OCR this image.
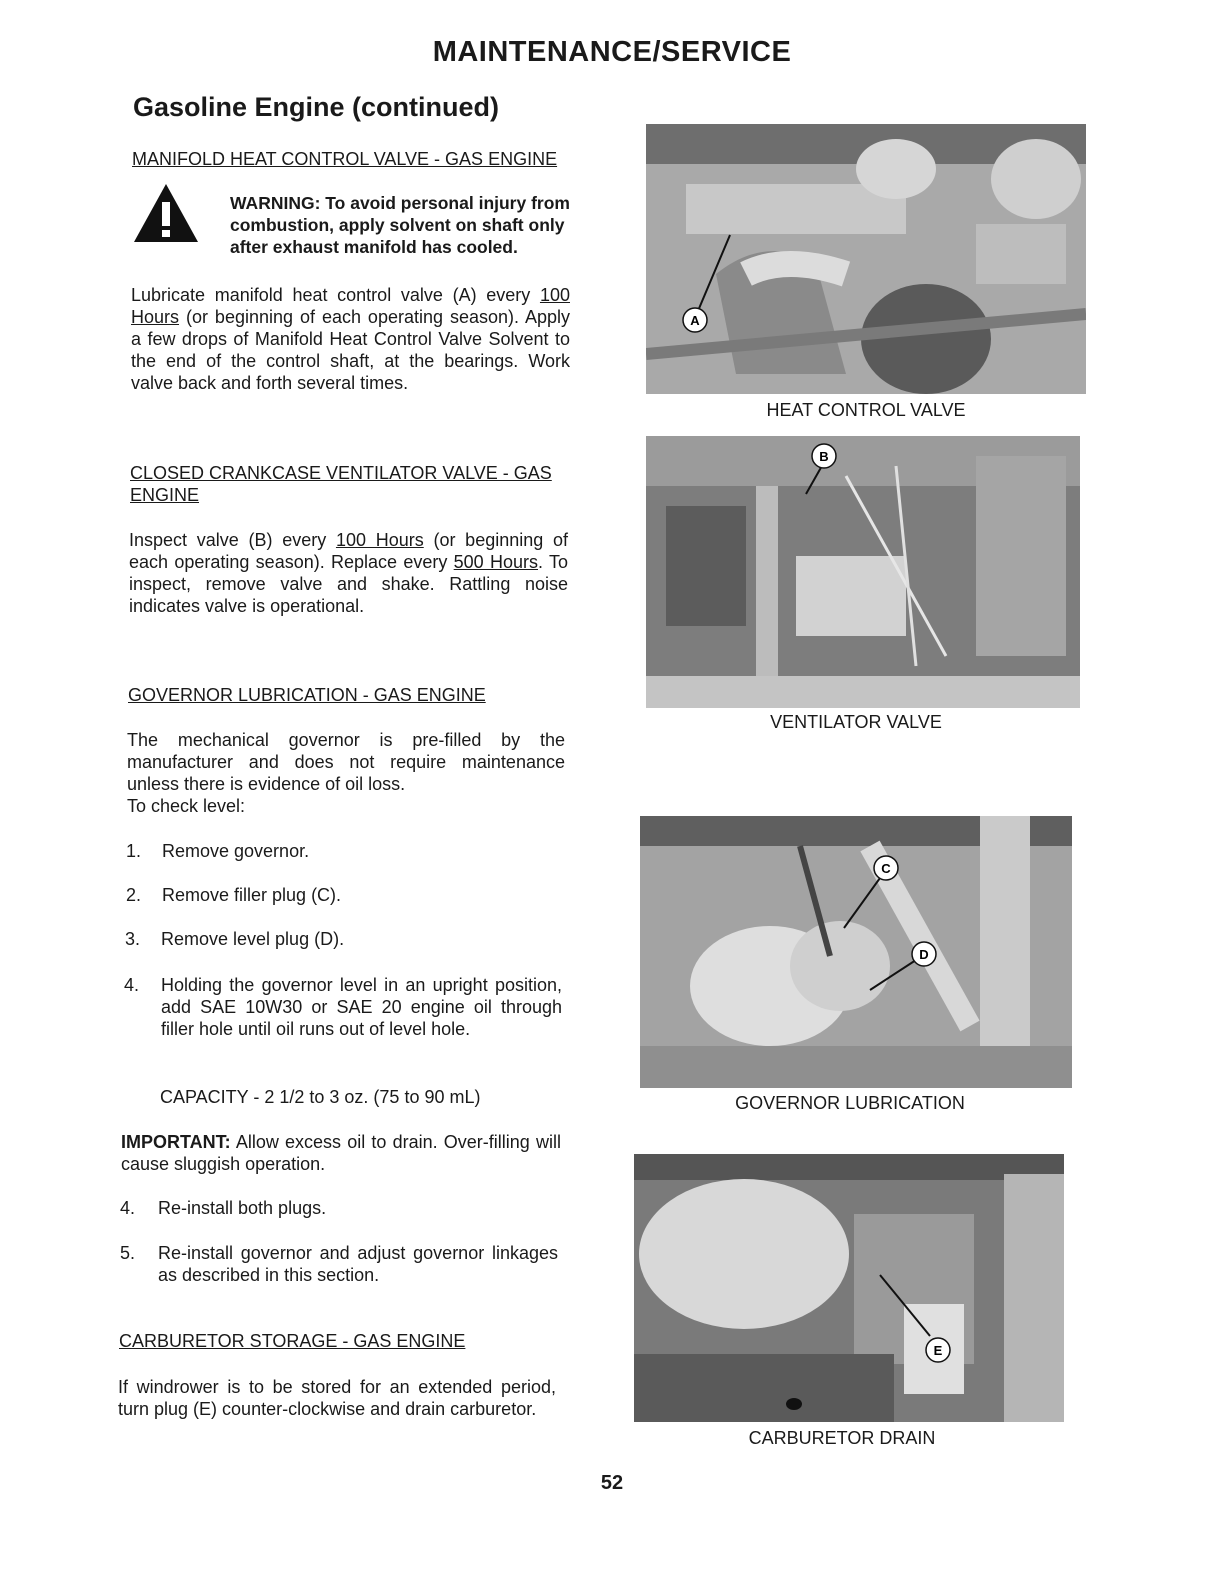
MAINTENANCE/SERVICE
Gasoline Engine (continued)
MANIFOLD HEAT CONTROL VALVE - GAS ENGINE
WARNING: To avoid personal injury from combustion, apply solvent on shaft only after exhaust manifold has cooled.
Lubricate manifold heat control valve (A) every 100 Hours (or beginning of each operating season). Apply a few drops of Manifold Heat Control Valve Solvent to the end of the control shaft, at the bearings. Work valve back and forth several times.
CLOSED CRANKCASE VENTILATOR VALVE - GAS ENGINE
Inspect valve (B) every 100 Hours (or beginning of each operating season). Replace every 500 Hours. To inspect, remove valve and shake. Rattling noise indicates valve is operational.
GOVERNOR LUBRICATION - GAS ENGINE
The mechanical governor is pre-filled by the manufacturer and does not require maintenance unless there is evidence of oil loss.
To check level:
1. Remove governor.
2. Remove filler plug (C).
3. Remove level plug (D).
4. Holding the governor level in an upright position, add SAE 10W30 or SAE 20 engine oil through filler hole until oil runs out of level hole.
CAPACITY - 2 1/2 to 3 oz. (75 to 90 mL)
IMPORTANT: Allow excess oil to drain. Over-filling will cause sluggish operation.
4. Re-install both plugs.
5. Re-install governor and adjust governor linkages as described in this section.
CARBURETOR STORAGE - GAS ENGINE
If windrower is to be stored for an extended period, turn plug (E) counter-clockwise and drain carburetor.
A
HEAT CONTROL VALVE
B
VENTILATOR VALVE
C
D
GOVERNOR LUBRICATION
E
CARBURETOR DRAIN
52
